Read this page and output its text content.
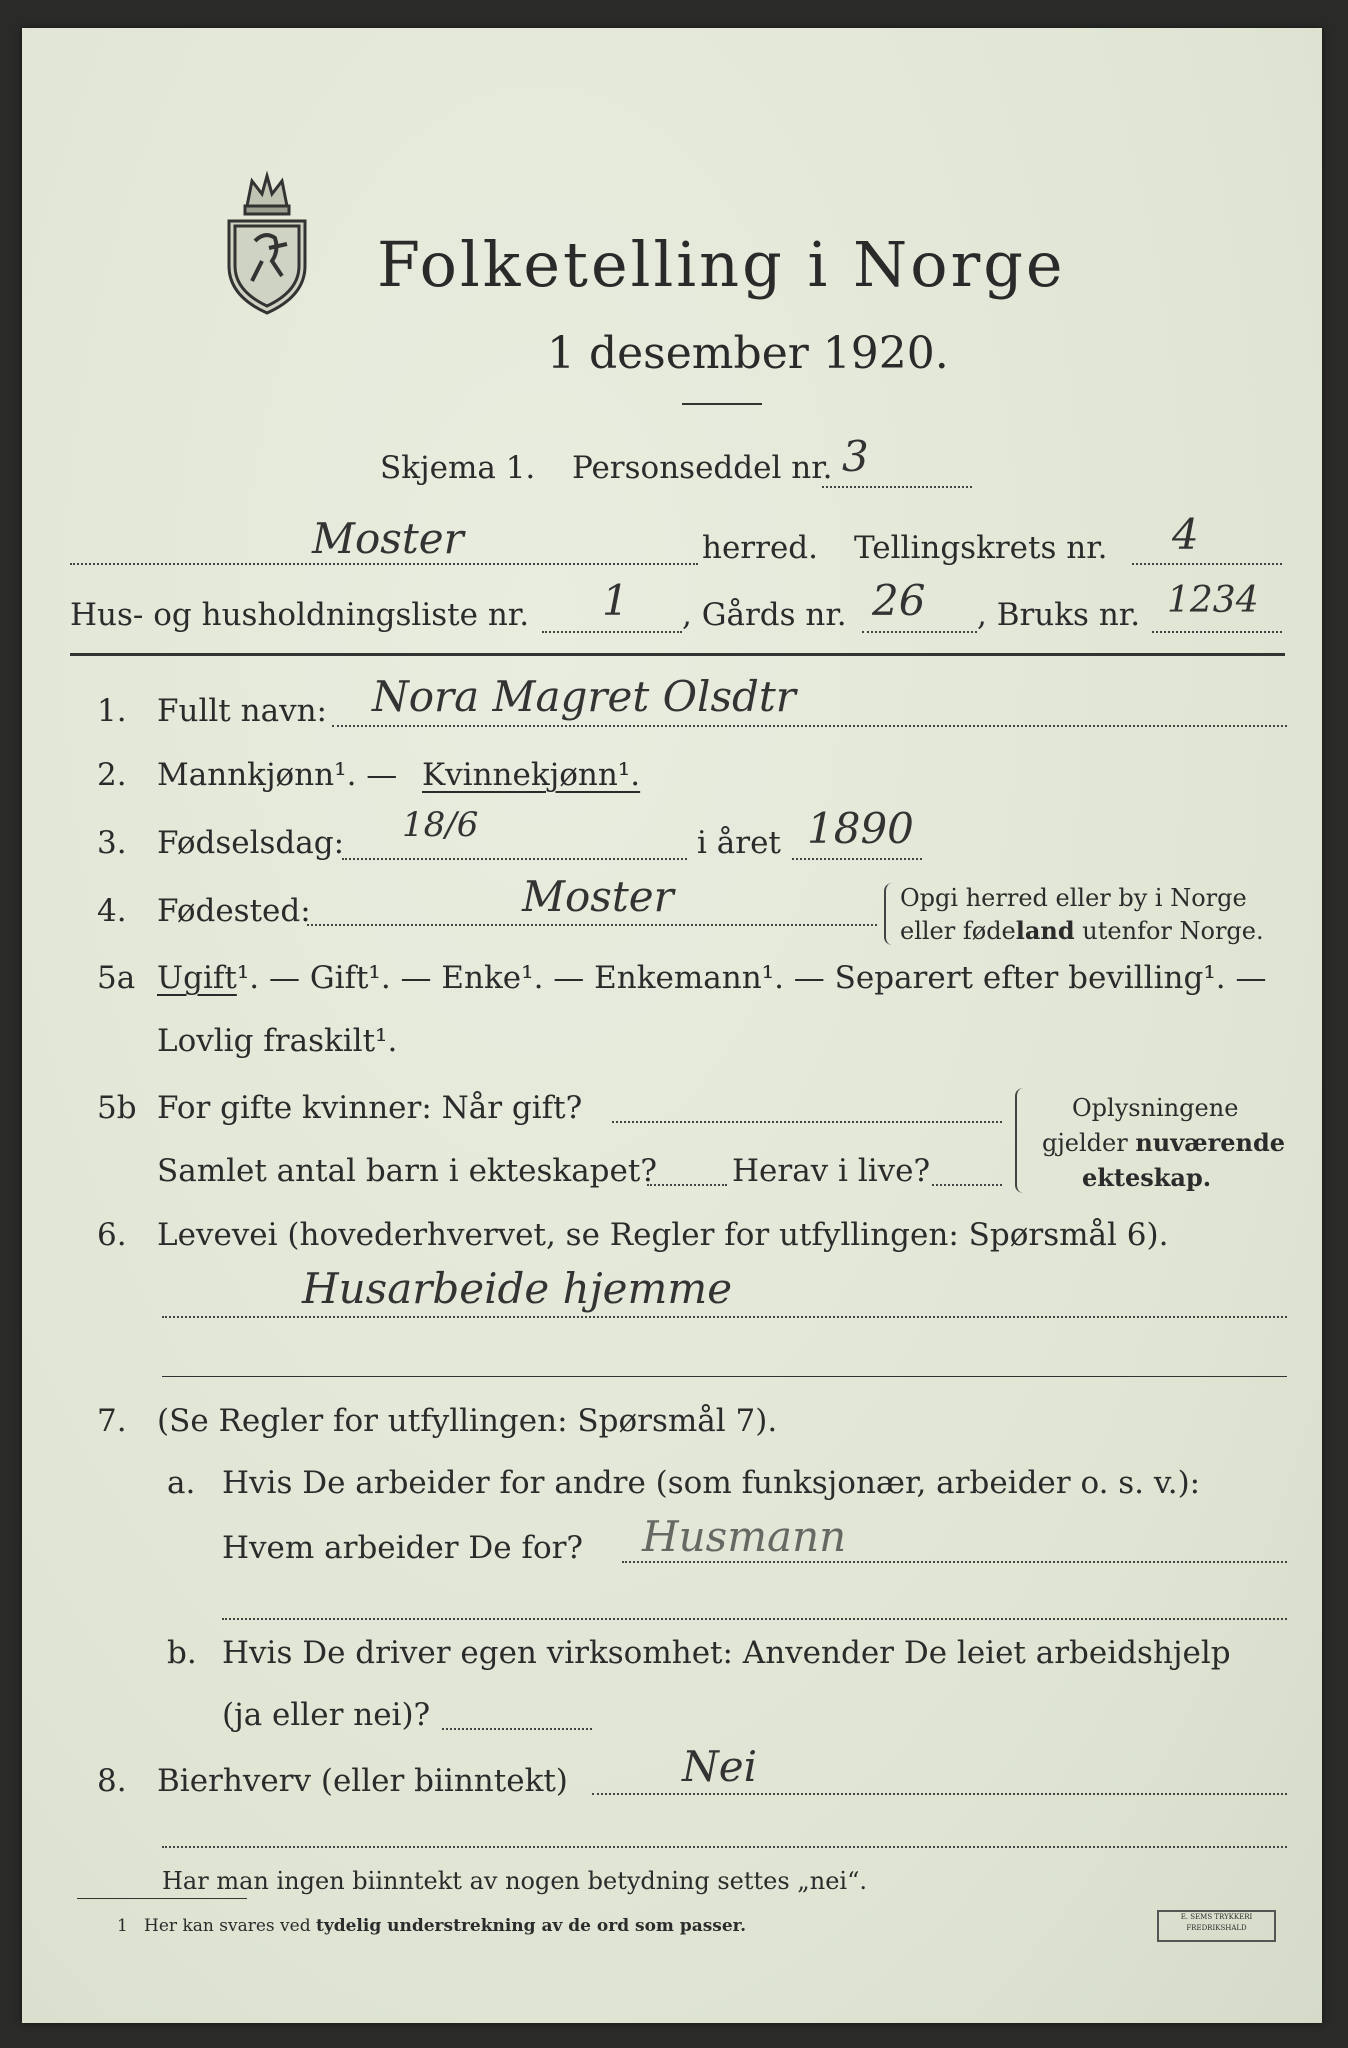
Folketelling i Norge
1 desember 1920.
Skjema 1. Personseddel nr. 3
Moster	herred. Tellingskrets nr. 4
Hus- og husholdningsliste nr. 1 , Gårds nr. 26 , Bruks nr. 1234
1. Fullt navn: Nora Magret Olsdtr
2. Mannkjønn¹. — Kvinnekjønn¹.
3. Fødselsdag: 18/6	i året 1890
4. Fødested:	Moster	Opgi herred eller by i Norge
eller fødeland utenfor Norge.
5a Ugift¹. — Gift¹. — Enke¹. — Enkemann¹. — Separert efter bevilling¹. —
Lovlig fraskilt¹.
5b For gifte kvinner: Når gift?
Samlet antal barn i ekteskapet? Herav i live?
Oplysningene
gjelder nuværende
ekteskap.
6. Levevei (hovederhvervet, se Regler for utfyllingen: Spørsmål 6).
Husarbeide hjemme
7. (Se Regler for utfyllingen: Spørsmål 7).
a. Hvis De arbeider for andre (som funksjonær, arbeider o. s. v.):
Hvem arbeider De for? Husmann
b. Hvis De driver egen virksomhet: Anvender De leiet arbeidshjelp
(ja eller nei)?
8. Bierhverv (eller biinntekt)	Nei
Har man ingen biinntekt av nogen betydning settes „nei“.
1 Her kan svares ved tydelig understrekning av de ord som passer.	E. SEMS TRYKKERI
FREDRIKSHALD
